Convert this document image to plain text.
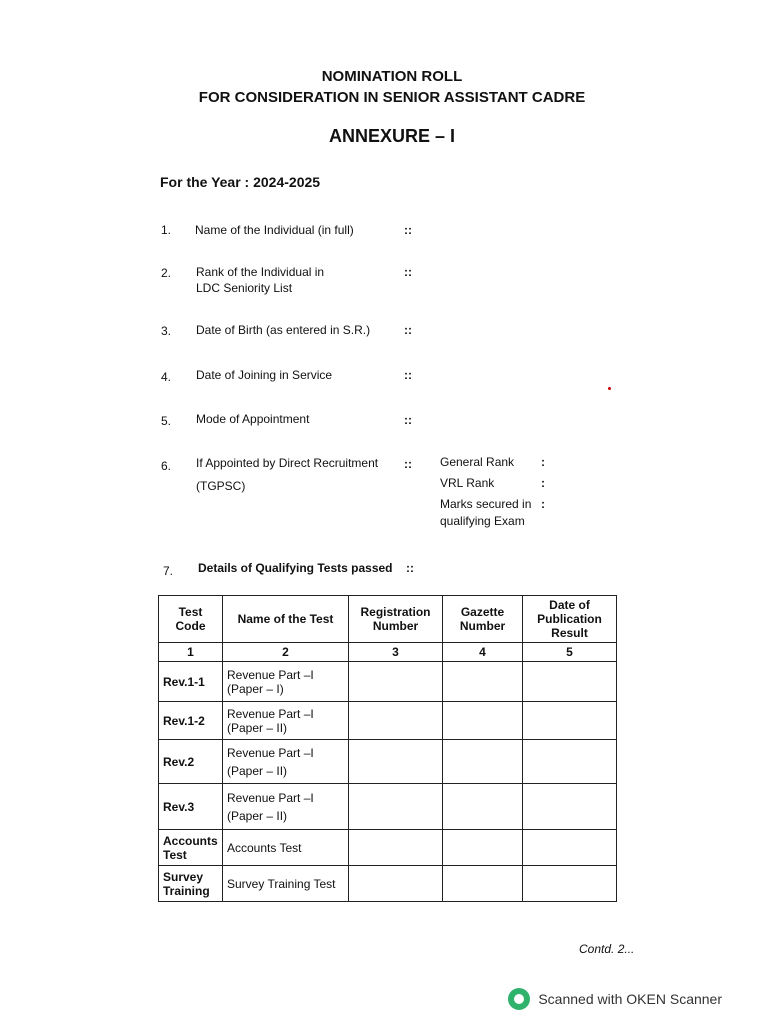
NOMINATION ROLL
FOR CONSIDERATION IN SENIOR ASSISTANT CADRE
ANNEXURE – I
For the Year : 2024-2025
1. Name of the Individual (in full)	::
2. Rank of the Individual in
LDC Seniority List
::
3. Date of Birth (as entered in S.R.)	::
4. Date of Joining in Service	::
5. Mode of Appointment	::
6. If Appointed by Direct Recruitment
(TGPSC)
:: General Rank :
VRL Rank	:
Marks secured in
qualifying Exam
:
7. Details of Qualifying Tests passed ::
Test Code	Name of the Test	Registration Number	Gazette Number	Date of Publication Result
1	2	3	4	5
Rev.1-1	Revenue Part –I
(Paper – I)			

Rev.1-2	Revenue Part –I
(Paper – II)			

Rev.2	Revenue Part –I
(Paper – II)			

Rev.3	Revenue Part –I
(Paper – II)			

Accounts Test	Accounts Test			
Survey Training	Survey Training Test			
Contd. 2...
Scanned with OKEN Scanner
